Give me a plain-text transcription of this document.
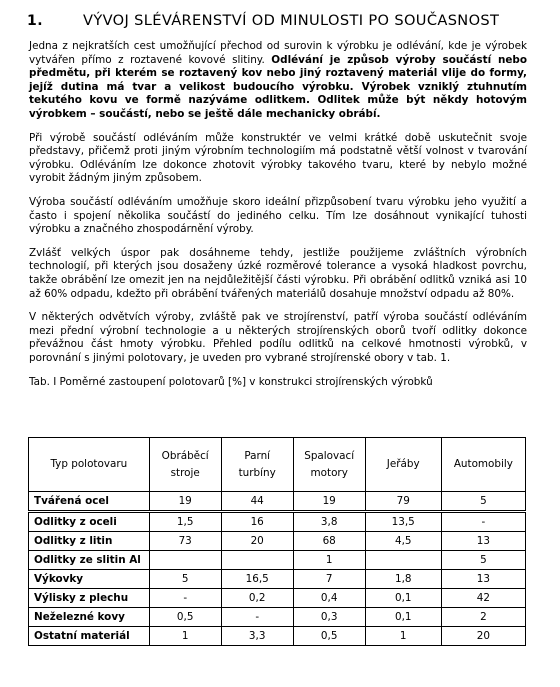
1.	VÝVOJ SLÉVÁRENSTVÍ OD MINULOSTI PO SOUČASNOST

Jedna z nejkratších cest umožňující přechod od surovin k výrobku je odlévání, kde je výrobek vytvářen přímo z roztavené kovové slitiny. Odlévání je způsob výroby součástí nebo předmětu, při kterém se roztavený kov nebo jiný roztavený materiál vlije do formy, jejíž dutina má tvar a velikost budoucího výrobku. Výrobek vzniklý ztuhnutím tekutého kovu ve formě nazýváme odlitkem. Odlitek může být někdy hotovým výrobkem – součástí, nebo se ještě dále mechanicky obrábí.

Při výrobě součástí odléváním může konstruktér ve velmi krátké době uskutečnit svoje představy, přičemž proti jiným výrobním technologiím má podstatně větší volnost v tvarování výrobku. Odléváním lze dokonce zhotovit výrobky takového tvaru, které by nebylo možné vyrobit žádným jiným způsobem.

Výroba součástí odléváním umožňuje skoro ideální přizpůsobení tvaru výrobku jeho využití a často i spojení několika součástí do jediného celku. Tím lze dosáhnout vynikající tuhosti výrobku a značného zhospodárnění výroby.

Zvlášť velkých úspor pak dosáhneme tehdy, jestliže použijeme zvláštních výrobních technologií, při kterých jsou dosaženy úzké rozměrové tolerance a vysoká hladkost povrchu, takže obrábění lze omezit jen na nejdůležitější části výrobku. Při obrábění odlitků vzniká asi 10 až 60% odpadu, kdežto při obrábění tvářených materiálů dosahuje množství odpadu až 80%.

V některých odvětvích výroby, zvláště pak ve strojírenství, patří výroba součástí odléváním mezi přední výrobní technologie a u některých strojírenských oborů tvoří odlitky dokonce převážnou část hmoty výrobku. Přehled podílu odlitků na celkové hmotnosti výrobků, v porovnání s jinými polotovary, je uveden pro vybrané strojírenské obory v tab. 1.

Tab. I Poměrné zastoupení polotovarů [%] v konstrukci strojírenských výrobků
Typ polotovaru	Obráběcí stroje	Parní turbíny	Spalovací motory	Jeřáby	Automobily
Tvářená ocel	19	44	19	79	5
Odlitky z oceli	1,5	16	3,8	13,5	-
Odlitky z litin	73	20	68	4,5	13
Odlitky ze slitin Al			1		5
Výkovky	5	16,5	7	1,8	13
Výlisky z plechu	-	0,2	0,4	0,1	42
Neželezné kovy	0,5	-	0,3	0,1	2
Ostatní materiál	1	3,3	0,5	1	20
